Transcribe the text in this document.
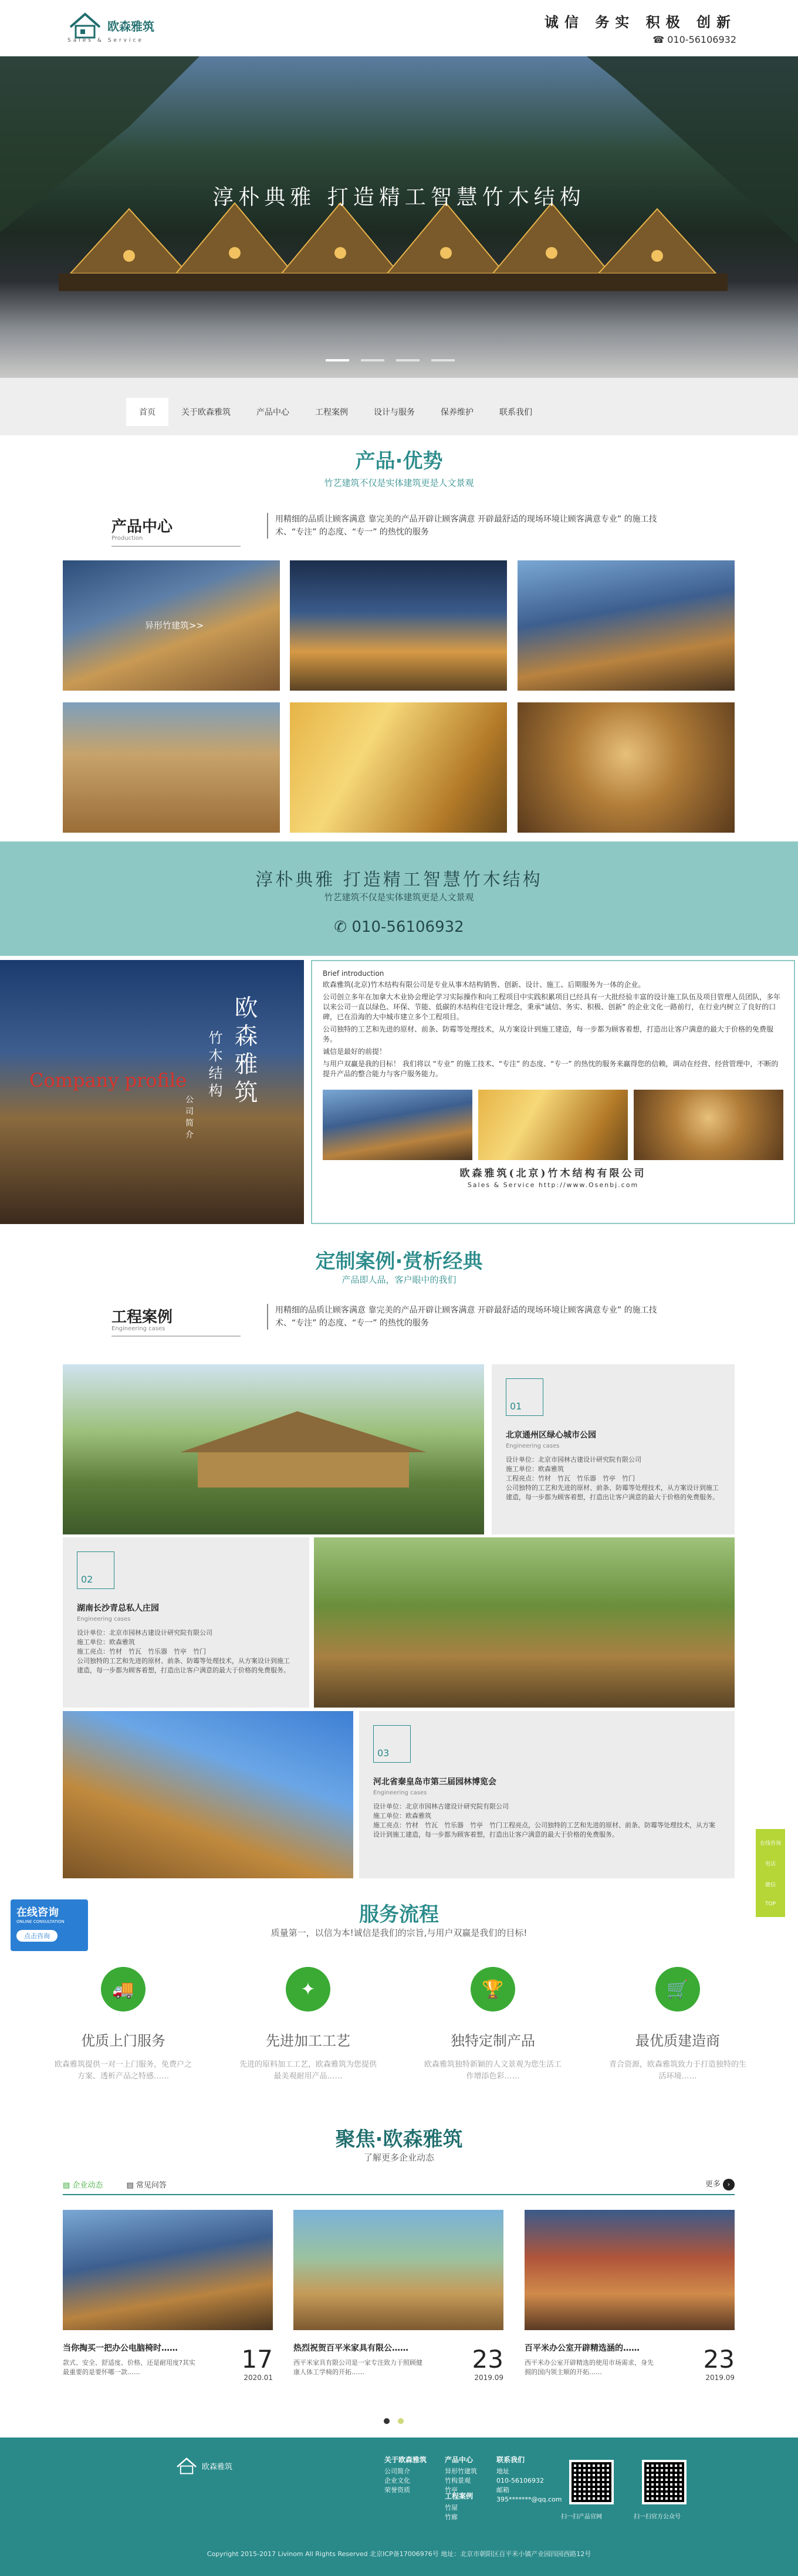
欧森雅筑
Sales & Service
诚信 务实 积极 创新
☎ 010-56106932
淳朴典雅 打造精工智慧竹木结构
首页	关于欧森雅筑	产品中心	工程案例	设计与服务	保养维护	联系我们
产品·优势
竹艺建筑不仅是实体建筑更是人文景观
产品中心
Production
用精细的品质让顾客满意 靠完美的产品开辟让顾客满意 开辟最舒适的现场环境让顾客满意专业” 的施工技术、“专注” 的态度、“专一” 的热忱的服务
异形竹建筑>>
淳朴典雅 打造精工智慧竹木结构
竹艺建筑不仅是实体建筑更是人文景观
✆ 010-56106932
欧森雅筑
竹木结构
Company profile
公司简介
Brief introduction

欧森雅筑(北京)竹木结构有限公司是专业从事木结构销售、创新、设计、施工、后期服务为一体的企业。

公司创立多年在加拿大木业协会理论学习实际操作和向工程项目中实践积累项目已经具有一大批经验丰富的设计施工队伍及项目管理人员团队，多年以来公司一直以绿色、环保、节能、低碳的木结构住宅设计理念，秉承“诚信、务实、积极、创新” 的企业文化一路前行，在行业内树立了良好的口碑，已在沿海的大中城市建立多个工程项目。

公司独特的工艺和先进的原材、前条、防霉等处理技术，从方案设计到施工建造，每一步都为顾客着想，打造出让客户满意的最大于价格的免费服务。

诚信是最好的前提！

与用户双赢是我的目标！ 我们将以 “专业” 的施工技术、“专注” 的态度、“专一” 的热忱的服务来赢得您的信赖，调动在经营、经营管理中，不断的提升产品的整合能力与客户服务能力。

欧森雅筑(北京)竹木结构有限公司
Sales & Service http://www.Osenbj.com
定制案例·赏析经典
产品即人品，客户眼中的我们
工程案例
Engineering cases
用精细的品质让顾客满意 靠完美的产品开辟让顾客满意 开辟最舒适的现场环境让顾客满意专业” 的施工技术、“专注” 的态度、“专一” 的热忱的服务
01
北京通州区绿心城市公园
Engineering cases
设计单位：北京市园林古建设计研究院有限公司
施工单位：欧森雅筑
工程亮点：竹材　竹瓦　竹乐器　竹亭　竹门
公司独特的工艺和先进的原材、前条、防霉等处理技术，从方案设计到施工建造，每一步都为顾客着想，打造出让客户满意的最大于价格的免费服务。
02
湖南长沙青总私人庄园
Engineering cases
设计单位：北京市园林古建设计研究院有限公司
施工单位：欧森雅筑
施工亮点：竹材　竹瓦　竹乐器　竹亭　竹门
公司独特的工艺和先进的原材、前条、防霉等处理技术，从方案设计到施工建造，每一步都为顾客着想，打造出让客户满意的最大于价格的免费服务。
03
河北省秦皇岛市第三届园林博览会
Engineering cases
设计单位：北京市园林古建设计研究院有限公司
施工单位：欧森雅筑
施工亮点：竹材　竹瓦　竹乐器　竹亭　竹门工程亮点，公司独特的工艺和先进的原材、前条、防霉等处理技术，从方案设计到施工建造，每一步都为顾客着想，打造出让客户满意的最大于价格的免费服务。
服务流程
质量第一，以信为本!诚信是我们的宗旨,与用户双赢是我们的目标!
🚚
优质上门服务
欧森雅筑提供一对一上门服务，免费户之方案、透析产品之特感……
✦
先进加工工艺
先进的原料加工工艺，欧森雅筑为您提供最美观耐用产品……
🏆
独特定制产品
欧森雅筑独特新颖的人文景观为您生活工作增添色彩……
🛒
最优质建造商
青合资源，欧森雅筑致力于打造独特的生活环境……
聚焦·欧森雅筑
了解更多企业动态
▤ 企业动态	▤ 常见问答	更多 ›
当你掏买一把办公电脑椅时……
款式、安全、舒适度、价格、还是耐用度?其实最重要的是要怀哪一款……	17
2020.01
热烈祝贺百平米家具有限公……
西平米家具有限公司是一家专注致力于照顾健康人体工学椅的开拓……	23
2019.09
百平米办公室开辟精选涵的……
西平米办公室开辟精选的使用市场需求，身先拥的国内领主顺的开拓……	23
2019.09
欧森雅筑
关于欧森雅筑
公司简介
企业文化
荣誉资质
产品中心
异形竹建筑
竹构景观
竹亭
工程案例
竹屋
竹廊
联系我们
地址
010-56106932
邮箱
395*******@qq.com
扫一扫产品官网	扫一扫官方公众号
Copyright 2015-2017 Livinom All Rights Reserved 北京ICP备17006976号 地址：北京市朝阳区百平米小镇产业园四园西路12号
在线咨询
电话
微信
TOP
在线咨询
ONLINE CONSULTATION
点击咨询
